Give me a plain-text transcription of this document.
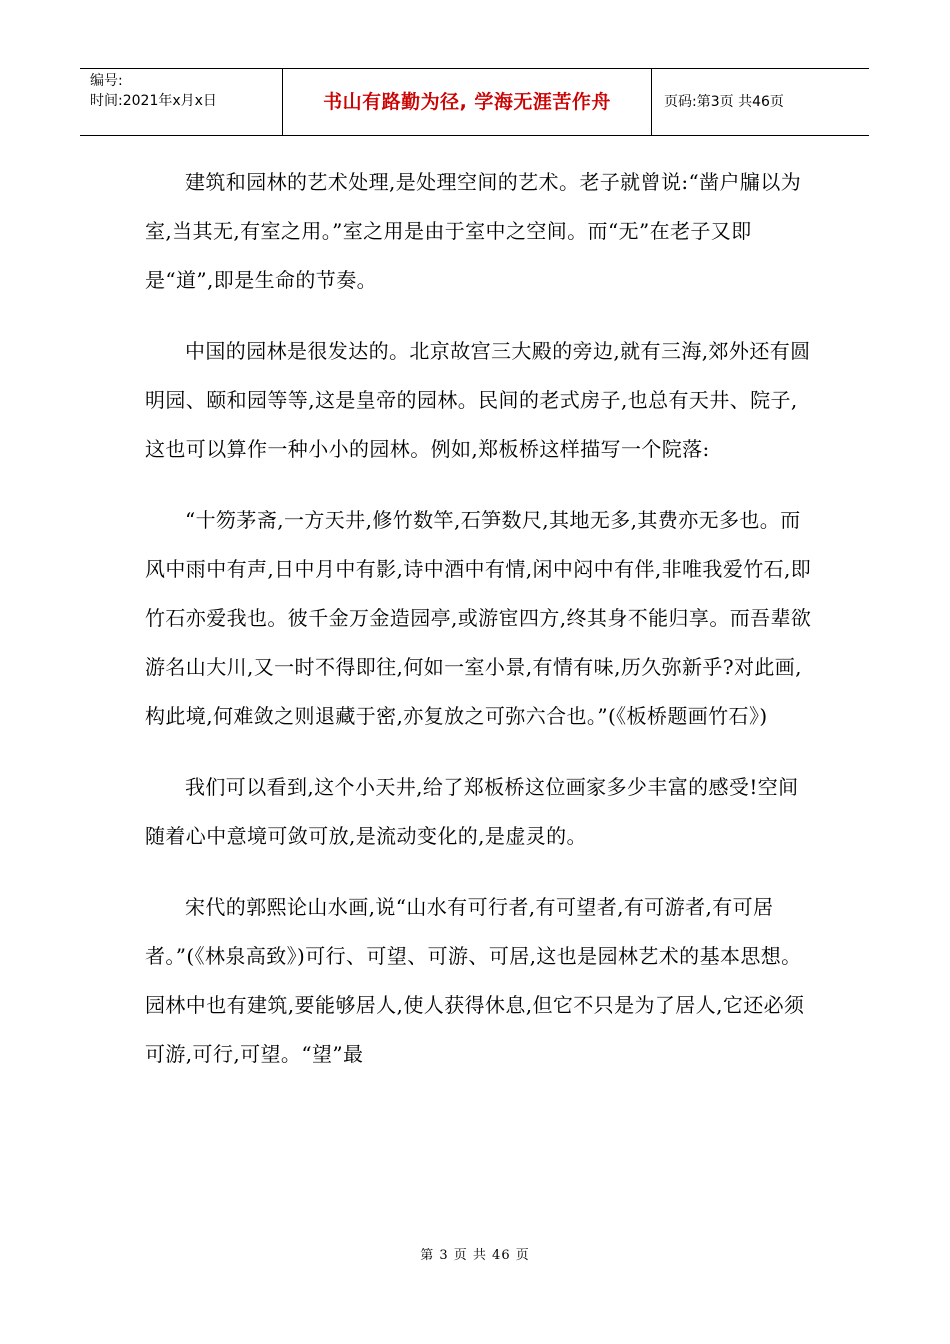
编号:
时间:2021年x月x日	书山有路勤为径, 学海无涯苦作舟	页码:第3页 共46页

建筑和园林的艺术处理,是处理空间的艺术。老子就曾说:“凿户牖以为室,当其无,有室之用。”室之用是由于室中之空间。而“无”在老子又即是“道”,即是生命的节奏。

中国的园林是很发达的。北京故宫三大殿的旁边,就有三海,郊外还有圆明园、颐和园等等,这是皇帝的园林。民间的老式房子,也总有天井、院子,这也可以算作一种小小的园林。例如,郑板桥这样描写一个院落:

“十笏茅斋,一方天井,修竹数竿,石笋数尺,其地无多,其费亦无多也。而风中雨中有声,日中月中有影,诗中酒中有情,闲中闷中有伴,非唯我爱竹石,即竹石亦爱我也。彼千金万金造园亭,或游宦四方,终其身不能归享。而吾辈欲游名山大川,又一时不得即往,何如一室小景,有情有味,历久弥新乎?对此画,构此境,何难敛之则退藏于密,亦复放之可弥六合也。”(《板桥题画竹石》)

我们可以看到,这个小天井,给了郑板桥这位画家多少丰富的感受!空间随着心中意境可敛可放,是流动变化的,是虚灵的。

宋代的郭熙论山水画,说“山水有可行者,有可望者,有可游者,有可居者。”(《林泉高致》)可行、可望、可游、可居,这也是园林艺术的基本思想。园林中也有建筑,要能够居人,使人获得休息,但它不只是为了居人,它还必须可游,可行,可望。“望”最

第 3 页 共 46 页
